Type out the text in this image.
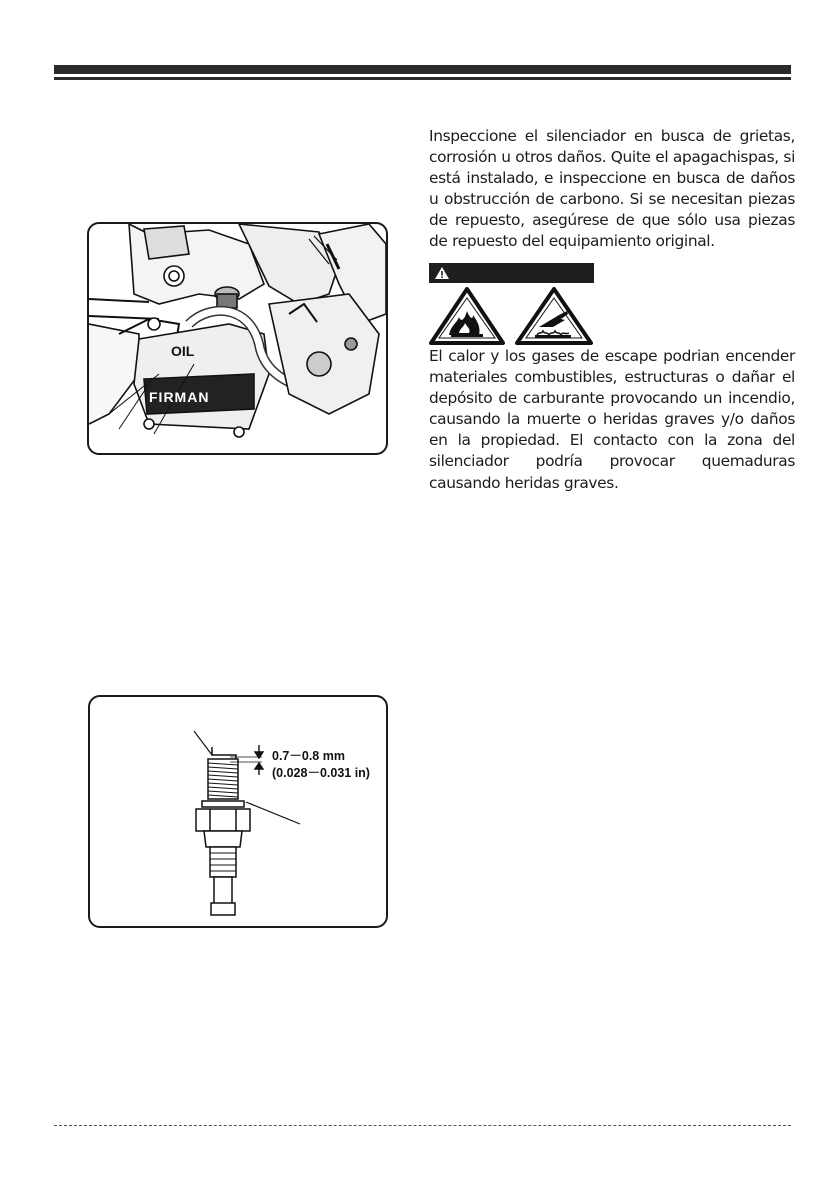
OIL
FIRMAN
0.7－0.8 mm
(0.028－0.031 in)
Inspeccione el silenciador en busca de grietas, corrosión u otros daños. Quite el apagachispas, si está instalado, e inspeccione en busca de daños u obstrucción de carbono. Si se necesitan piezas de repuesto, asegúrese de que sólo usa piezas de repuesto del equipamiento original.
El calor y los gases de escape podrian encender materiales combustibles, estructuras o dañar el depósito de carburante provocando un incendio, causando la muerte o heridas graves y/o daños en la propiedad. El contacto con la zona del silenciador podría provocar quemaduras causando heridas graves.
